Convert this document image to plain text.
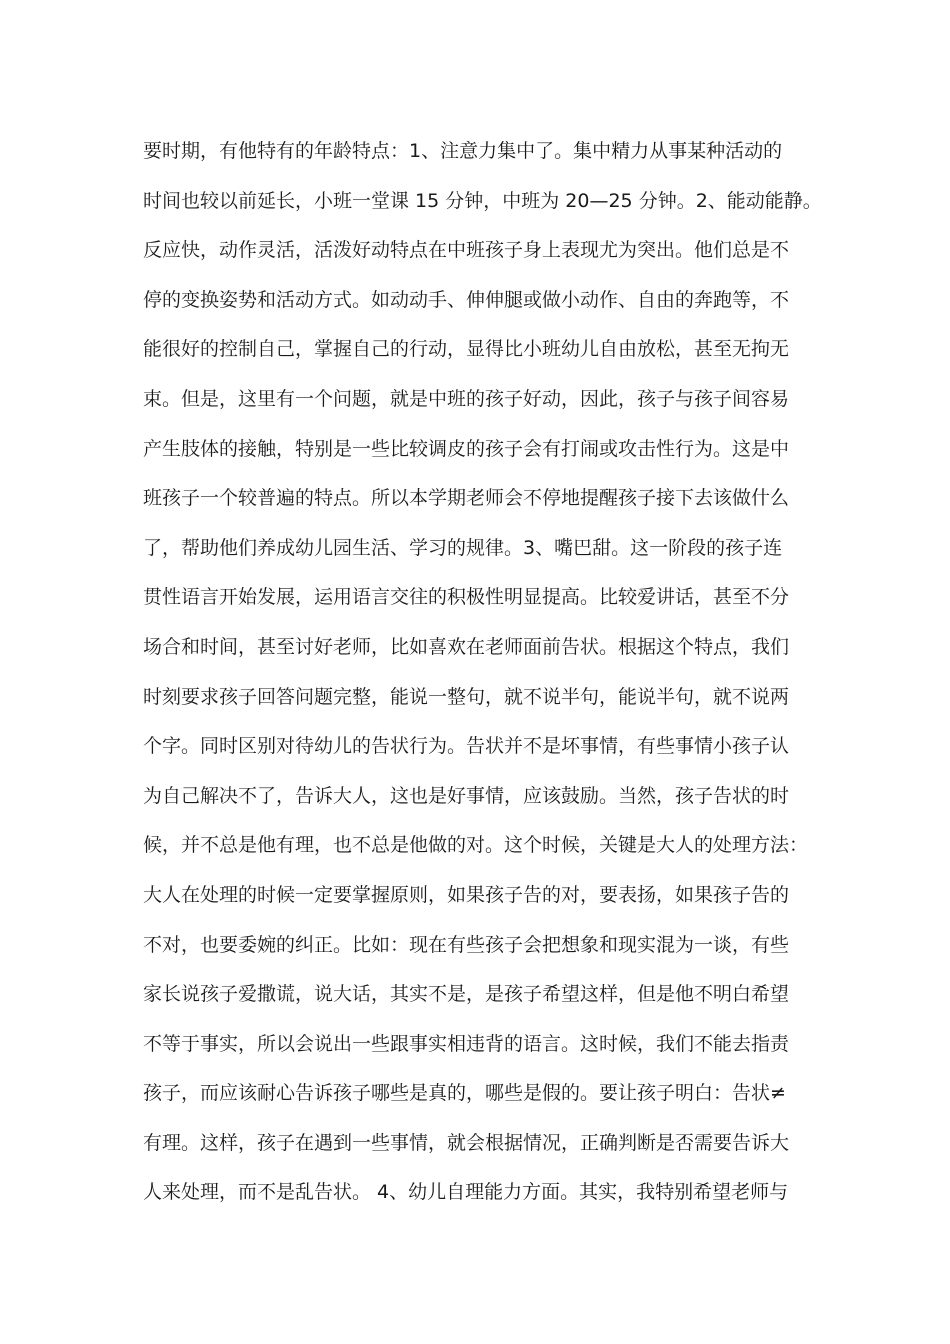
要时期，有他特有的年龄特点：1、注意力集中了。集中精力从事某种活动的
时间也较以前延长，小班一堂课 15 分钟，中班为 20—25 分钟。2、能动能静。
反应快，动作灵活，活泼好动特点在中班孩子身上表现尤为突出。他们总是不
停的变换姿势和活动方式。如动动手、伸伸腿或做小动作、自由的奔跑等，不
能很好的控制自己，掌握自己的行动，显得比小班幼儿自由放松，甚至无拘无
束。但是，这里有一个问题，就是中班的孩子好动，因此，孩子与孩子间容易
产生肢体的接触，特别是一些比较调皮的孩子会有打闹或攻击性行为。这是中
班孩子一个较普遍的特点。所以本学期老师会不停地提醒孩子接下去该做什么
了，帮助他们养成幼儿园生活、学习的规律。3、嘴巴甜。这一阶段的孩子连
贯性语言开始发展，运用语言交往的积极性明显提高。比较爱讲话，甚至不分
场合和时间，甚至讨好老师，比如喜欢在老师面前告状。根据这个特点，我们
时刻要求孩子回答问题完整，能说一整句，就不说半句，能说半句，就不说两
个字。同时区别对待幼儿的告状行为。告状并不是坏事情，有些事情小孩子认
为自己解决不了，告诉大人，这也是好事情，应该鼓励。当然，孩子告状的时
候，并不总是他有理，也不总是他做的对。这个时候，关键是大人的处理方法：
大人在处理的时候一定要掌握原则，如果孩子告的对，要表扬，如果孩子告的
不对，也要委婉的纠正。比如：现在有些孩子会把想象和现实混为一谈，有些
家长说孩子爱撒谎，说大话，其实不是，是孩子希望这样，但是他不明白希望
不等于事实，所以会说出一些跟事实相违背的语言。这时候，我们不能去指责
孩子，而应该耐心告诉孩子哪些是真的，哪些是假的。要让孩子明白：告状≠
有理。这样，孩子在遇到一些事情，就会根据情况，正确判断是否需要告诉大
人来处理，而不是乱告状。 4、幼儿自理能力方面。其实，我特别希望老师与
